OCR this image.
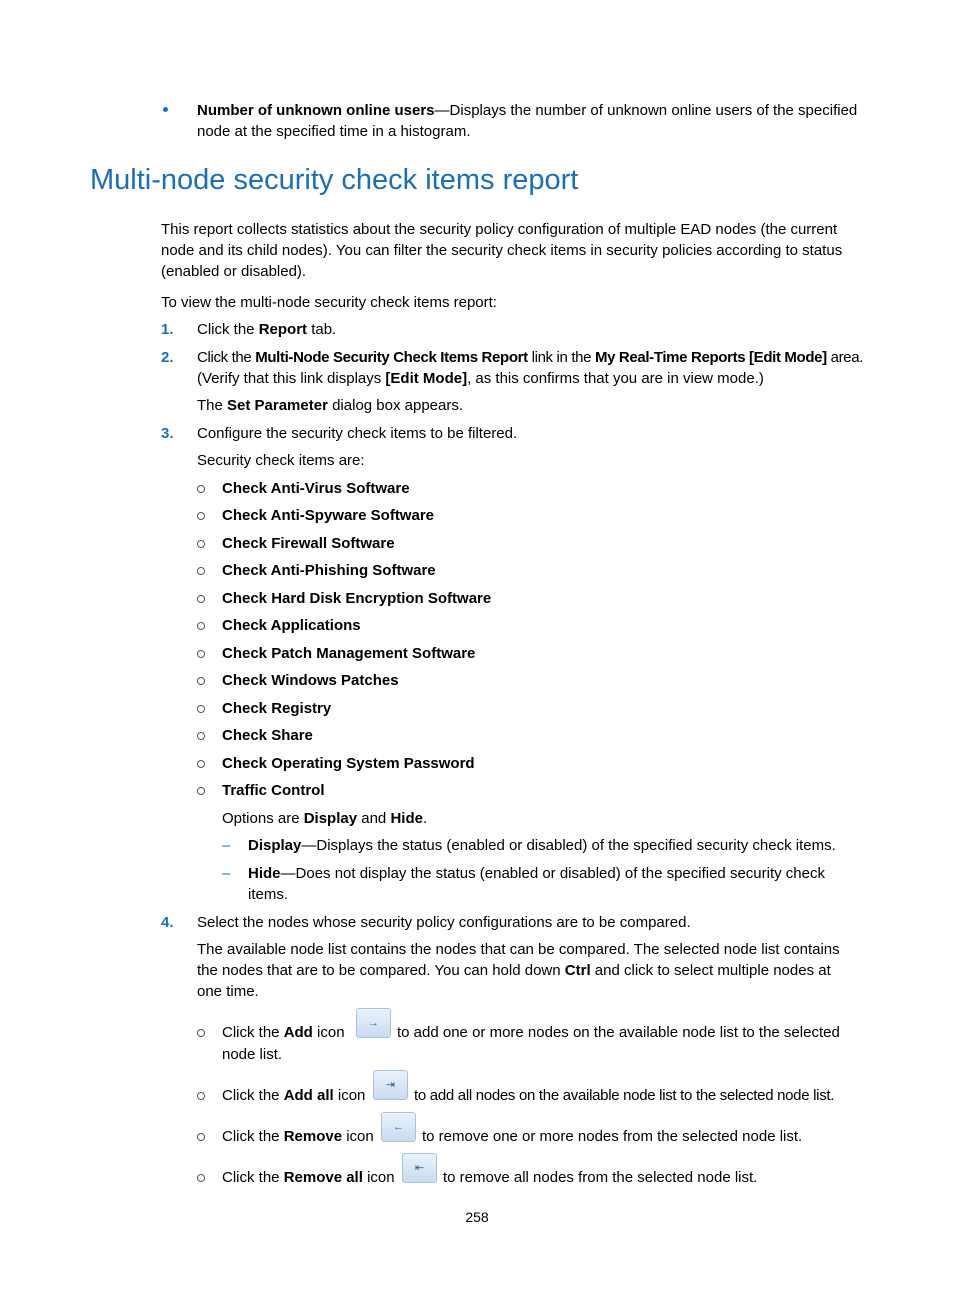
Number of unknown online users—Displays the number of unknown online users of the specified
node at the specified time in a histogram.
Multi-node security check items report
This report collects statistics about the security policy configuration of multiple EAD nodes (the current
node and its child nodes). You can filter the security check items in security policies according to status
(enabled or disabled).
To view the multi-node security check items report:
1. Click the Report tab.
2. Click the Multi-Node Security Check Items Report link in the My Real-Time Reports [Edit Mode] area.
(Verify that this link displays [Edit Mode], as this confirms that you are in view mode.)
The Set Parameter dialog box appears.
3. Configure the security check items to be filtered.
Security check items are:
Check Anti-Virus Software
Check Anti-Spyware Software
Check Firewall Software
Check Anti-Phishing Software
Check Hard Disk Encryption Software
Check Applications
Check Patch Management Software
Check Windows Patches
Check Registry
Check Share
Check Operating System Password
Traffic Control
Options are Display and Hide.
– Display—Displays the status (enabled or disabled) of the specified security check items.
– Hide—Does not display the status (enabled or disabled) of the specified security check
items.
4. Select the nodes whose security policy configurations are to be compared.
The available node list contains the nodes that can be compared. The selected node list contains
the nodes that are to be compared. You can hold down Ctrl and click to select multiple nodes at
one time.
Click the Add icon
→
to add one or more nodes on the available node list to the selected
node list.
Click the Add all icon
⇥
to add all nodes on the available node list to the selected node list.
Click the Remove icon
←
to remove one or more nodes from the selected node list.
Click the Remove all icon
⇤
to remove all nodes from the selected node list.
258
